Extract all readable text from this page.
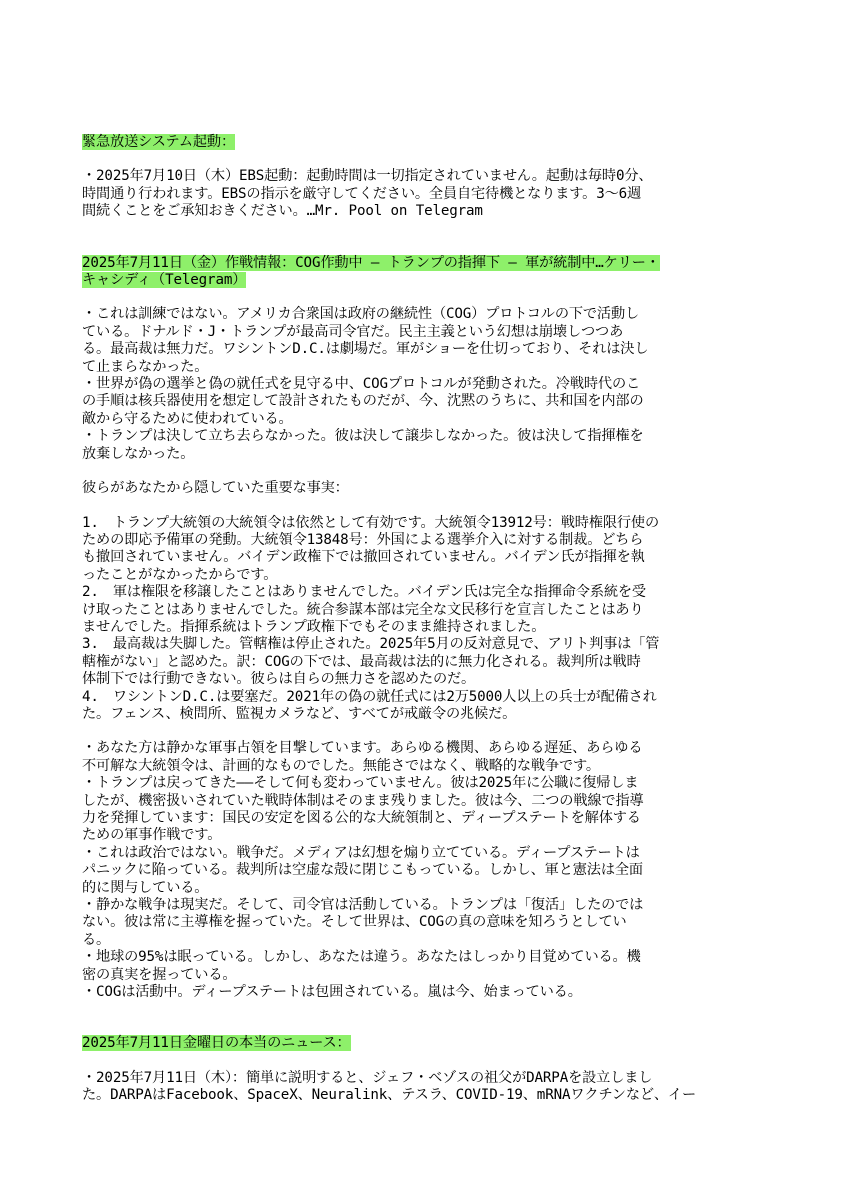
緊急放送システム起動：

・2025年7月10日（木）EBS起動：起動時間は一切指定されていません。起動は毎時0分、
時間通り行われます。EBSの指示を厳守してください。全員自宅待機となります。3～6週
間続くことをご承知おきください。…Mr. Pool on Telegram

2025年7月11日（金）作戦情報：COG作動中 – トランプの指揮下 – 軍が統制中…ケリー・
キャシディ（Telegram）

・これは訓練ではない。アメリカ合衆国は政府の継続性（COG）プロトコルの下で活動し
ている。ドナルド・J・トランプが最高司令官だ。民主主義という幻想は崩壊しつつあ
る。最高裁は無力だ。ワシントンD.C.は劇場だ。軍がショーを仕切っており、それは決し
て止まらなかった。
・世界が偽の選挙と偽の就任式を見守る中、COGプロトコルが発動された。冷戦時代のこ
の手順は核兵器使用を想定して設計されたものだが、今、沈黙のうちに、共和国を内部の
敵から守るために使われている。
・トランプは決して立ち去らなかった。彼は決して譲歩しなかった。彼は決して指揮権を
放棄しなかった。

彼らがあなたから隠していた重要な事実：

1.　トランプ大統領の大統領令は依然として有効です。大統領令13912号：戦時権限行使の
ための即応予備軍の発動。大統領令13848号：外国による選挙介入に対する制裁。どちら
も撤回されていません。バイデン政権下では撤回されていません。バイデン氏が指揮を執
ったことがなかったからです。
2.　軍は権限を移譲したことはありませんでした。バイデン氏は完全な指揮命令系統を受
け取ったことはありませんでした。統合参謀本部は完全な文民移行を宣言したことはあり
ませんでした。指揮系統はトランプ政権下でもそのまま維持されました。
3.　最高裁は失脚した。管轄権は停止された。2025年5月の反対意見で、アリト判事は「管
轄権がない」と認めた。訳：COGの下では、最高裁は法的に無力化される。裁判所は戦時
体制下では行動できない。彼らは自らの無力さを認めたのだ。
4.　ワシントンD.C.は要塞だ。2021年の偽の就任式には2万5000人以上の兵士が配備され
た。フェンス、検問所、監視カメラなど、すべてが戒厳令の兆候だ。

・あなた方は静かな軍事占領を目撃しています。あらゆる機関、あらゆる遅延、あらゆる
不可解な大統領令は、計画的なものでした。無能さではなく、戦略的な戦争です。
・トランプは戻ってきた――そして何も変わっていません。彼は2025年に公職に復帰しま
したが、機密扱いされていた戦時体制はそのまま残りました。彼は今、二つの戦線で指導
力を発揮しています：国民の安定を図る公的な大統領制と、ディープステートを解体する
ための軍事作戦です。
・これは政治ではない。戦争だ。メディアは幻想を煽り立てている。ディープステートは
パニックに陥っている。裁判所は空虚な殻に閉じこもっている。しかし、軍と憲法は全面
的に関与している。
・静かな戦争は現実だ。そして、司令官は活動している。トランプは「復活」したのでは
ない。彼は常に主導権を握っていた。そして世界は、COGの真の意味を知ろうとしてい
る。
・地球の95%は眠っている。しかし、あなたは違う。あなたはしっかり目覚めている。機
密の真実を握っている。
・COGは活動中。ディープステートは包囲されている。嵐は今、始まっている。

2025年7月11日金曜日の本当のニュース：

・2025年7月11日（木）：簡単に説明すると、ジェフ・ベゾスの祖父がDARPAを設立しまし
た。DARPAはFacebook、SpaceX、Neuralink、テスラ、COVID-19、mRNAワクチンなど、イー
